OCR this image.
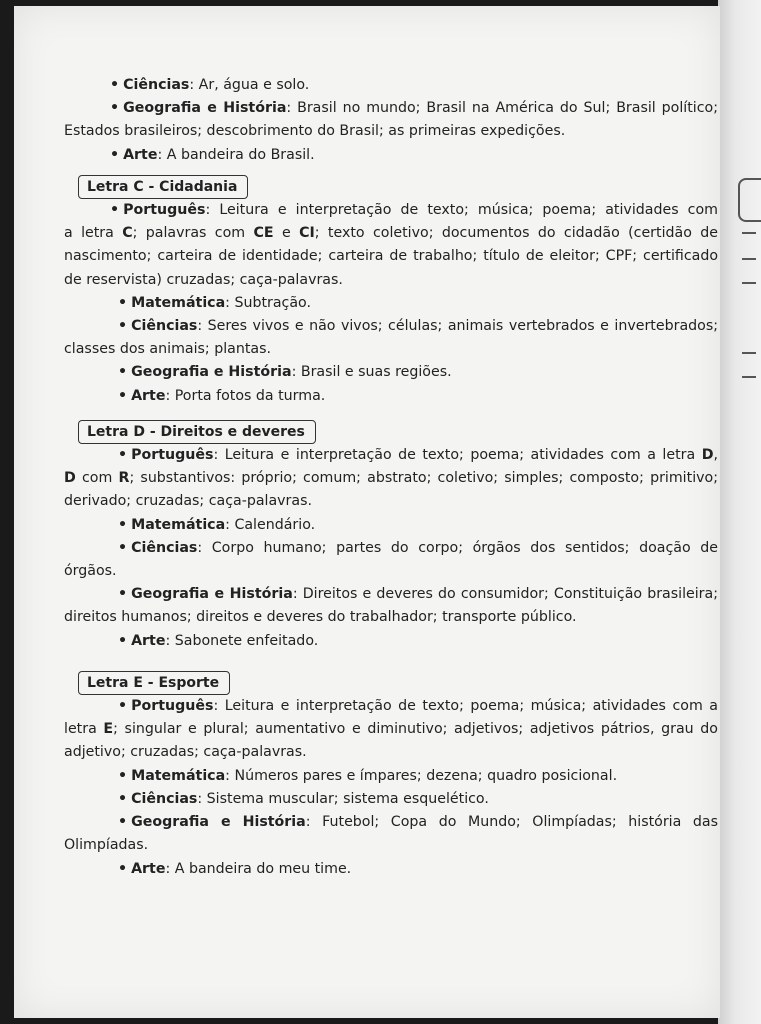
• Ciências: Ar, água e solo.
• Geografia e História: Brasil no mundo; Brasil na América do Sul; Brasil político;
Estados brasileiros; descobrimento do Brasil; as primeiras expedições.
• Arte: A bandeira do Brasil.
Letra C - Cidadania
• Português: Leitura e interpretação de texto; música; poema; atividades com
a letra C; palavras com CE e CI; texto coletivo; documentos do cidadão (certidão de
nascimento; carteira de identidade; carteira de trabalho; título de eleitor; CPF; certificado
de reservista) cruzadas; caça-palavras.
• Matemática: Subtração.
• Ciências: Seres vivos e não vivos; células; animais vertebrados e invertebrados;
classes dos animais; plantas.
• Geografia e História: Brasil e suas regiões.
• Arte: Porta fotos da turma.
Letra D - Direitos e deveres
• Português: Leitura e interpretação de texto; poema; atividades com a letra D,
D com R; substantivos: próprio; comum; abstrato; coletivo; simples; composto; primitivo;
derivado; cruzadas; caça-palavras.
• Matemática: Calendário.
• Ciências: Corpo humano; partes do corpo; órgãos dos sentidos; doação de
órgãos.
• Geografia e História: Direitos e deveres do consumidor; Constituição brasileira;
direitos humanos; direitos e deveres do trabalhador; transporte público.
• Arte: Sabonete enfeitado.
Letra E - Esporte
• Português: Leitura e interpretação de texto; poema; música; atividades com a
letra E; singular e plural; aumentativo e diminutivo; adjetivos; adjetivos pátrios, grau do
adjetivo; cruzadas; caça-palavras.
• Matemática: Números pares e ímpares; dezena; quadro posicional.
• Ciências: Sistema muscular; sistema esquelético.
• Geografia e História: Futebol; Copa do Mundo; Olimpíadas; história das
Olimpíadas.
• Arte: A bandeira do meu time.
